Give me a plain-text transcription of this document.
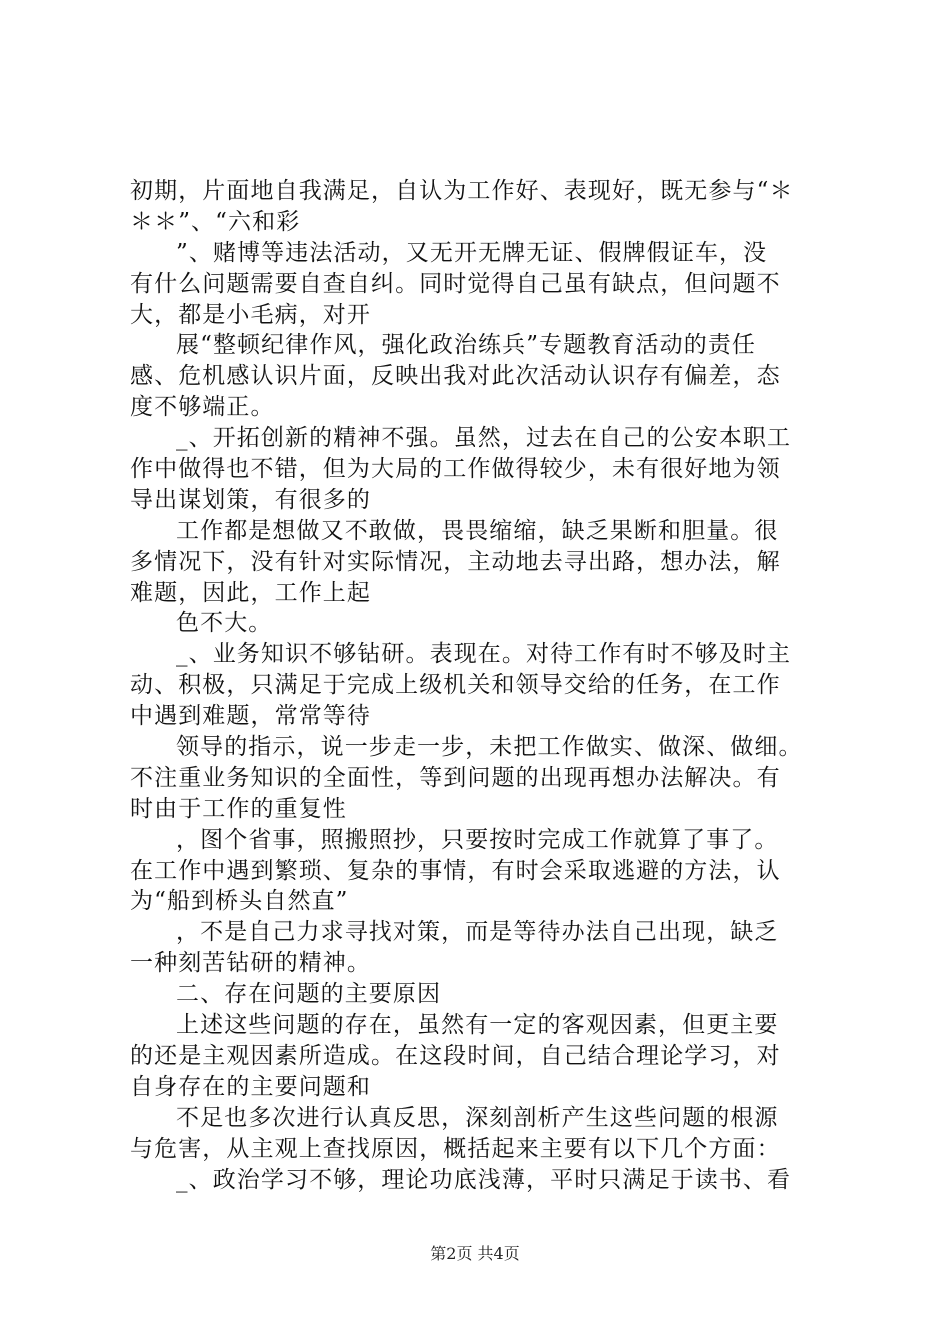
初期，片面地自我满足，自认为工作好、表现好，既无参与“＊
＊＊”、“六和彩
”、赌博等违法活动，又无开无牌无证、假牌假证车，没
有什么问题需要自查自纠。同时觉得自己虽有缺点，但问题不
大，都是小毛病，对开
展“整顿纪律作风，强化政治练兵”专题教育活动的责任
感、危机感认识片面，反映出我对此次活动认识存有偏差，态
度不够端正。
_、开拓创新的精神不强。虽然，过去在自己的公安本职工
作中做得也不错，但为大局的工作做得较少，未有很好地为领
导出谋划策，有很多的
工作都是想做又不敢做，畏畏缩缩，缺乏果断和胆量。很
多情况下，没有针对实际情况，主动地去寻出路，想办法，解
难题，因此，工作上起
色不大。
_、业务知识不够钻研。表现在。对待工作有时不够及时主
动、积极，只满足于完成上级机关和领导交给的任务，在工作
中遇到难题，常常等待
领导的指示，说一步走一步，未把工作做实、做深、做细。
不注重业务知识的全面性，等到问题的出现再想办法解决。有
时由于工作的重复性
，图个省事，照搬照抄，只要按时完成工作就算了事了。
在工作中遇到繁琐、复杂的事情，有时会采取逃避的方法，认
为“船到桥头自然直”
，不是自己力求寻找对策，而是等待办法自己出现，缺乏
一种刻苦钻研的精神。
二、存在问题的主要原因
上述这些问题的存在，虽然有一定的客观因素，但更主要
的还是主观因素所造成。在这段时间，自己结合理论学习，对
自身存在的主要问题和
不足也多次进行认真反思，深刻剖析产生这些问题的根源
与危害，从主观上查找原因，概括起来主要有以下几个方面：
_、政治学习不够，理论功底浅薄，平时只满足于读书、看
第2页 共4页
